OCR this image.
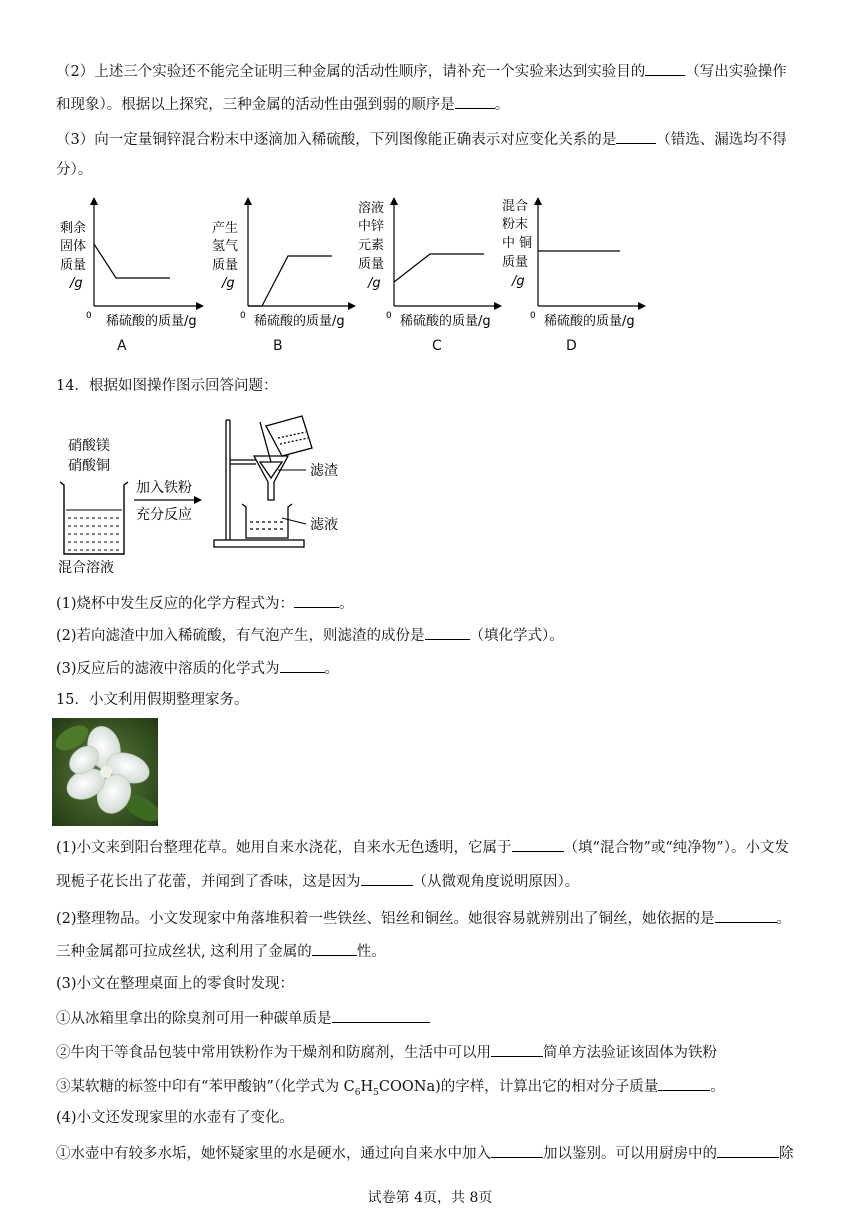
（2）上述三个实验还不能完全证明三种金属的活动性顺序，请补充一个实验来达到实验目的	（写出实验操作
和现象）。根据以上探究，三种金属的活动性由强到弱的顺序是	。
（3）向一定量铜锌混合粉末中逐滴加入稀硫酸，下列图像能正确表示对应变化关系的是	（错选、漏选均不得
分）。
剩余
固体
质量
/g
0 稀硫酸的质量/g
A
产生
氢气
质量
/g
0 稀硫酸的质量/g
B
溶液
中锌
元素
质量
/g
0 稀硫酸的质量/g
C
混合
粉末
中 铜
质量
/g
0 稀硫酸的质量/g
D
14．根据如图操作图示回答问题：
硝酸镁
硝酸铜
混合溶液
加入铁粉
充分反应
滤渣
滤液
(1)烧杯中发生反应的化学方程式为：	。
(2)若向滤渣中加入稀硫酸，有气泡产生，则滤渣的成份是	（填化学式）。
(3)反应后的滤液中溶质的化学式为	。
15．小文利用假期整理家务。
(1)小文来到阳台整理花草。她用自来水浇花，自来水无色透明，它属于	（填“混合物”或“纯净物”）。小文发
现栀子花长出了花蕾，并闻到了香味，这是因为	（从微观角度说明原因）。
(2)整理物品。小文发现家中角落堆积着一些铁丝、铝丝和铜丝。她很容易就辨别出了铜丝，她依据的是	。
三种金属都可拉成丝状, 这利用了金属的	性。
(3)小文在整理桌面上的零食时发现：
①从冰箱里拿出的除臭剂可用一种碳单质是
②牛肉干等食品包装中常用铁粉作为干燥剂和防腐剂，生活中可以用	简单方法验证该固体为铁粉
③某软糖的标签中印有“苯甲酸钠”（化学式为 $C_6H_5COONa$)的字样，计算出它的相对分子质量	。
(4)小文还发现家里的水壶有了变化。
①水壶中有较多水垢，她怀疑家里的水是硬水，通过向自来水中加入	加以鉴别。可以用厨房中的	除
试卷第 4页，共 8页
